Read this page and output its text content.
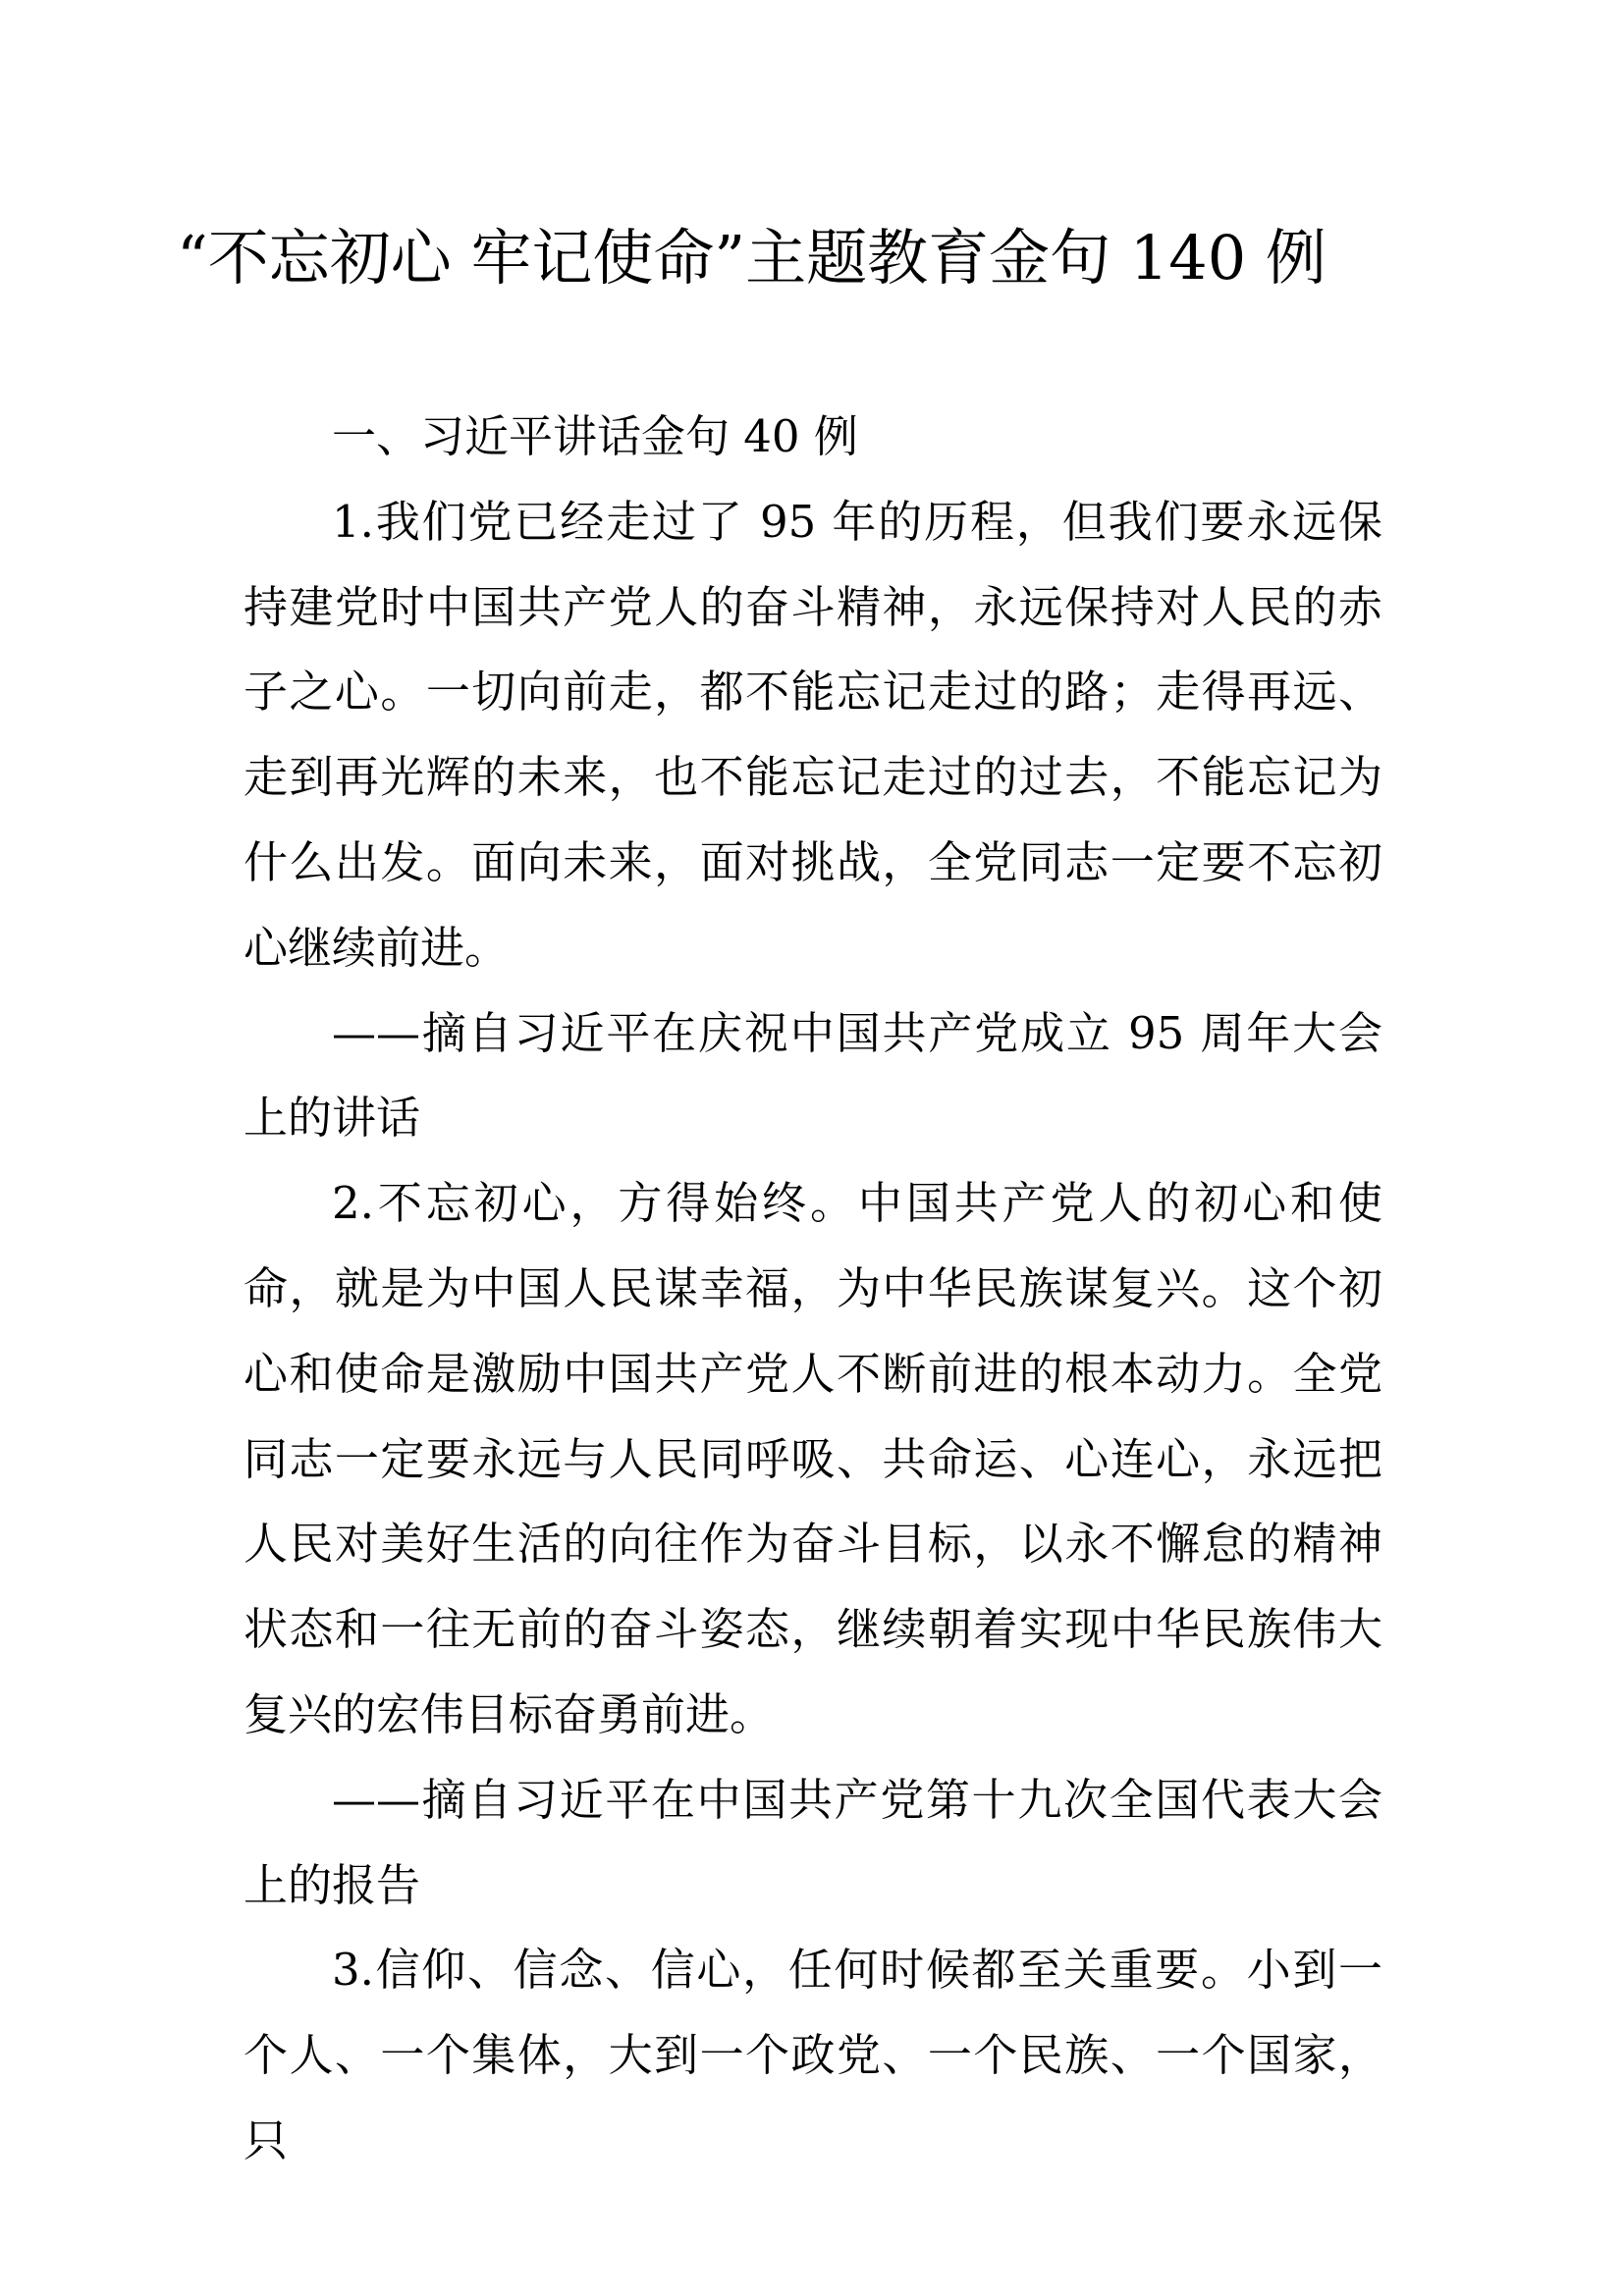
“不忘初心 牢记使命”主题教育金句 140 例

一、习近平讲话金句 40 例

1.我们党已经走过了 95 年的历程，但我们要永远保持建党时中国共产党人的奋斗精神，永远保持对人民的赤子之心。一切向前走，都不能忘记走过的路；走得再远、走到再光辉的未来，也不能忘记走过的过去，不能忘记为什么出发。面向未来，面对挑战，全党同志一定要不忘初心继续前进。

——摘自习近平在庆祝中国共产党成立 95 周年大会上的讲话

2.不忘初心，方得始终。中国共产党人的初心和使命，就是为中国人民谋幸福，为中华民族谋复兴。这个初心和使命是激励中国共产党人不断前进的根本动力。全党同志一定要永远与人民同呼吸、共命运、心连心，永远把人民对美好生活的向往作为奋斗目标，以永不懈怠的精神状态和一往无前的奋斗姿态，继续朝着实现中华民族伟大复兴的宏伟目标奋勇前进。

——摘自习近平在中国共产党第十九次全国代表大会上的报告

3.信仰、信念、信心，任何时候都至关重要。小到一个人、一个集体，大到一个政党、一个民族、一个国家，只
